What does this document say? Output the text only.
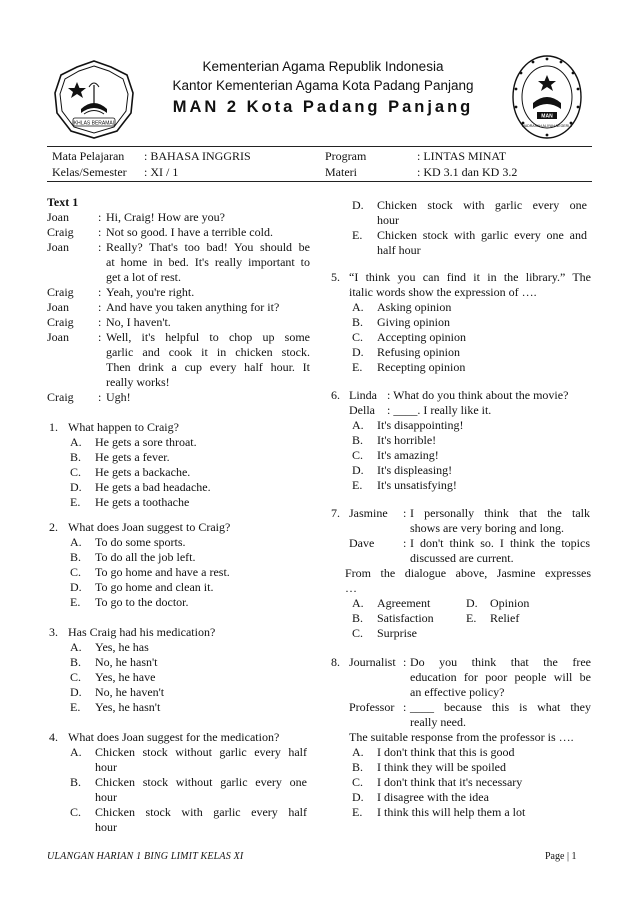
IKHLAS BERAMAL
MAN
MADRASAH ALIYAH NEGERI 2
Kementerian Agama Republik Indonesia
Kantor Kementerian Agama Kota Padang Panjang
MAN 2 Kota Padang Panjang
Mata Pelajaran : BAHASA INGGRIS	Program	: LINTAS MINAT
Kelas/Semester : XI / 1	Materi	: KD 3.1 dan KD 3.2
Text 1
Joan : Hi, Craig! How are you?
Craig : Not so good. I have a terrible cold.
Joan : Really? That's too bad! You should be
at home in bed. It's really important to
get a lot of rest.
Craig : Yeah, you're right.
Joan : And have you taken anything for it?
Craig : No, I haven't.
Joan : Well, it's helpful to chop up some
garlic and cook it in chicken stock.
Then drink a cup every half hour. It
really works!
Craig : Ugh!
1. What happen to Craig?
A. He gets a sore throat.
B. He gets a fever.
C. He gets a backache.
D. He gets a bad headache.
E. He gets a toothache
2. What does Joan suggest to Craig?
A. To do some sports.
B. To do all the job left.
C. To go home and have a rest.
D. To go home and clean it.
E. To go to the doctor.
3. Has Craig had his medication?
A. Yes, he has
B. No, he hasn't
C. Yes, he have
D. No, he haven't
E. Yes, he hasn't
4. What does Joan suggest for the medication?
A. Chicken stock without garlic every half
hour
B. Chicken stock without garlic every one
hour
C. Chicken stock with garlic every half
hour
D. Chicken stock with garlic every one
hour
E. Chicken stock with garlic every one and
half hour
5. “I think you can find it in the library.” The
italic words show the expression of ….
A. Asking opinion
B. Giving opinion
C. Accepting opinion
D. Refusing opinion
E. Recepting opinion
6. Linda : What do you think about the movie?
Della : ____. I really like it.
A. It's disappointing!
B. It's horrible!
C. It's amazing!
D. It's displeasing!
E. It's unsatisfying!
7. Jasmine : I personally think that the talk
shows are very boring and long.
Dave : I don't think so. I think the topics
discussed are current.
From the dialogue above, Jasmine expresses
…
A. Agreement
B. Satisfaction
C. Surprise
D. Opinion
E. Relief
8. Journalist : Do you think that the free
education for poor people will be
an effective policy?
Professor : ____ because this is what they
really need.
The suitable response from the professor is ….
A. I don't think that this is good
B. I think they will be spoiled
C. I don't think that it's necessary
D. I disagree with the idea
E. I think this will help them a lot
ULANGAN HARIAN 1 BING LIMIT KELAS XI	Page | 1
